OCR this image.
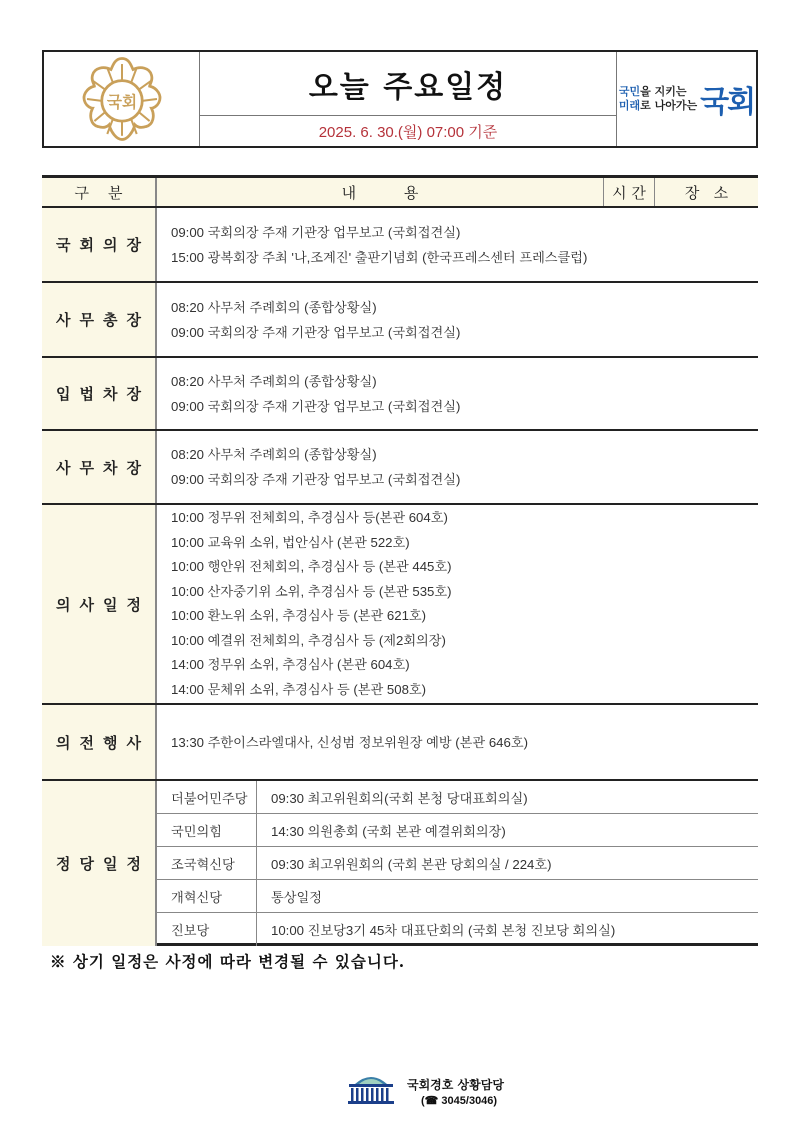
국회	오늘 주요일정
2025. 6. 30.(월) 07:00 기준
국민을 지키는
미래로 나아가는 국회
구    분	내          용	시 간	장   소
국회의장
09:00 국회의장 주재 기관장 업무보고 (국회접견실)
15:00 광복회장 주최 '나,조계진' 출판기념회 (한국프레스센터 프레스클럽)
사무총장
08:20 사무처 주례회의 (종합상황실)
09:00 국회의장 주재 기관장 업무보고 (국회접견실)
입법차장
08:20 사무처 주례회의 (종합상황실)
09:00 국회의장 주재 기관장 업무보고 (국회접견실)
사무차장
08:20 사무처 주례회의 (종합상황실)
09:00 국회의장 주재 기관장 업무보고 (국회접견실)
의사일정
10:00 정무위 전체회의, 추경심사 등(본관 604호)
10:00 교육위 소위, 법안심사 (본관 522호)
10:00 행안위 전체회의, 추경심사 등 (본관 445호)
10:00 산자중기위 소위, 추경심사 등 (본관 535호)
10:00 환노위 소위, 추경심사 등 (본관 621호)
10:00 예결위 전체회의, 추경심사 등 (제2회의장)
14:00 정무위 소위, 추경심사 (본관 604호)
14:00 문체위 소위, 추경심사 등 (본관 508호)
의전행사	13:30 주한이스라엘대사, 신성범 정보위원장 예방 (본관 646호)
정당일정
더불어민주당	09:30 최고위원회의(국회 본청 당대표회의실)
국민의힘	14:30 의원총회 (국회 본관 예결위회의장)
조국혁신당	09:30 최고위원회의 (국회 본관 당회의실 / 224호)
개혁신당	통상일정
진보당	10:00 진보당3기 45차 대표단회의 (국회 본청 진보당 회의실)
※ 상기 일정은 사정에 따라 변경될 수 있습니다.
국회경호 상황담당
(☎ 3045/3046)
